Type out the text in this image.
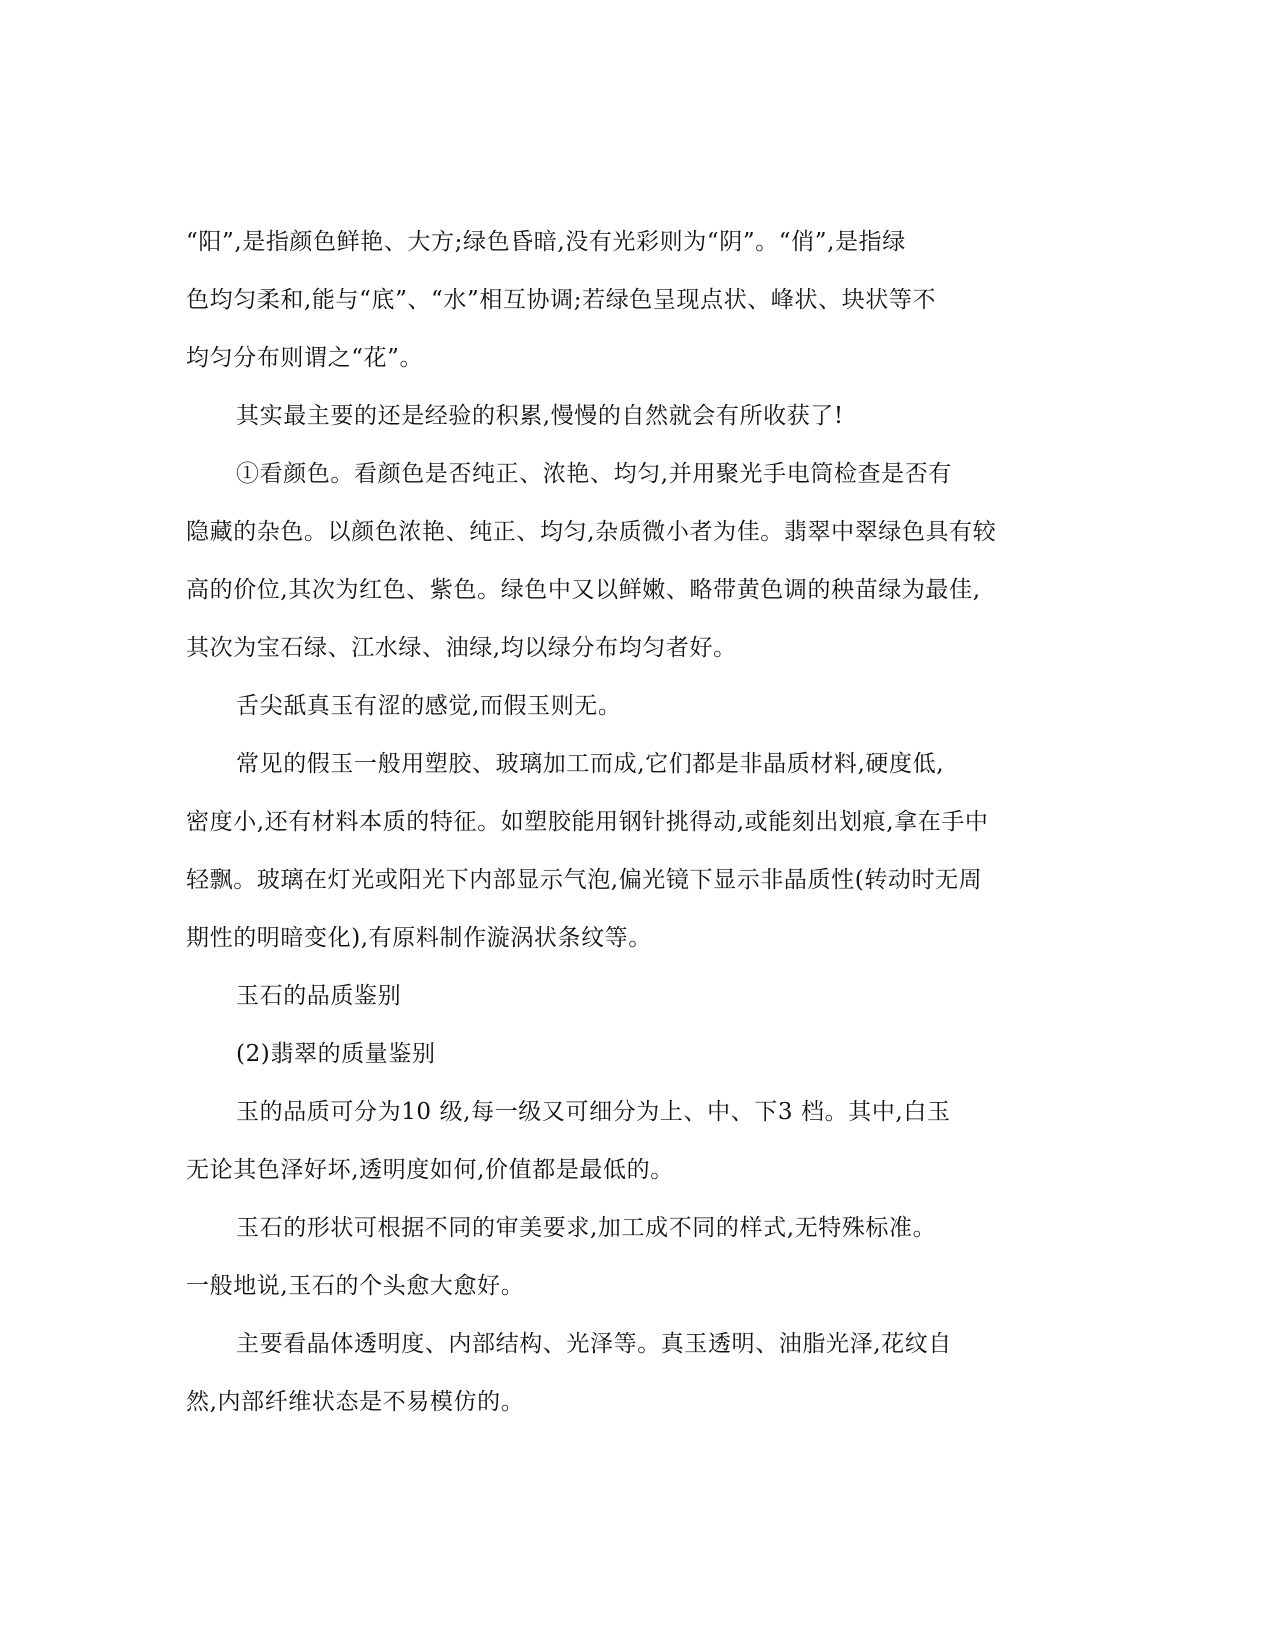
“阳”,是指颜色鲜艳、大方;绿色昏暗,没有光彩则为“阴”。“俏”,是指绿
色均匀柔和,能与“底”、“水”相互协调;若绿色呈现点状、峰状、块状等不
均匀分布则谓之“花”。
其实最主要的还是经验的积累,慢慢的自然就会有所收获了!
①看颜色。看颜色是否纯正、浓艳、均匀,并用聚光手电筒检查是否有
隐藏的杂色。以颜色浓艳、纯正、均匀,杂质微小者为佳。翡翠中翠绿色具有较
高的价位,其次为红色、紫色。绿色中又以鲜嫩、略带黄色调的秧苗绿为最佳,
其次为宝石绿、江水绿、油绿,均以绿分布均匀者好。
舌尖舐真玉有涩的感觉,而假玉则无。
常见的假玉一般用塑胶、玻璃加工而成,它们都是非晶质材料,硬度低,
密度小,还有材料本质的特征。如塑胶能用钢针挑得动,或能刻出划痕,拿在手中
轻飘。玻璃在灯光或阳光下内部显示气泡,偏光镜下显示非晶质性(转动时无周
期性的明暗变化),有原料制作漩涡状条纹等。
玉石的品质鉴别
(2)翡翠的质量鉴别
玉的品质可分为10 级,每一级又可细分为上、中、下3 档。其中,白玉
无论其色泽好坏,透明度如何,价值都是最低的。
玉石的形状可根据不同的审美要求,加工成不同的样式,无特殊标准。
一般地说,玉石的个头愈大愈好。
主要看晶体透明度、内部结构、光泽等。真玉透明、油脂光泽,花纹自
然,内部纤维状态是不易模仿的。
